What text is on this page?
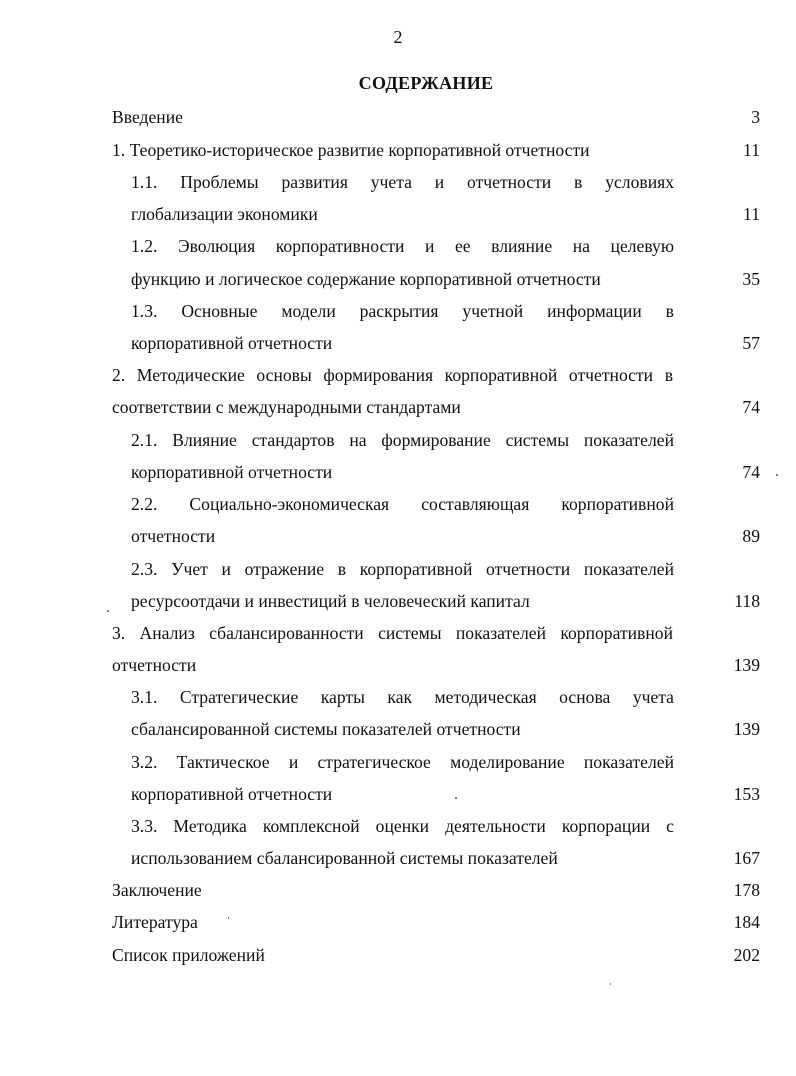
2
СОДЕРЖАНИЕ
Введение	3
1. Теоретико-историческое развитие корпоративной отчетности	11
1.1. Проблемы развития учета и отчетности в условиях
глобализации экономики	11
1.2. Эволюция корпоративности и ее влияние на целевую
функцию и логическое содержание корпоративной отчетности	35
1.3. Основные модели раскрытия учетной информации в
корпоративной отчетности	57
2. Методические основы формирования корпоративной отчетности в
соответствии с международными стандартами	74
2.1. Влияние стандартов на формирование системы показателей
корпоративной отчетности	74
2.2. Социально-экономическая составляющая корпоративной
отчетности	89
2.3. Учет и отражение в корпоративной отчетности показателей
ресурсоотдачи и инвестиций в человеческий капитал	118
3. Анализ сбалансированности системы показателей корпоративной
отчетности	139
3.1. Стратегические карты как методическая основа учета
сбалансированной системы показателей отчетности	139
3.2. Тактическое и стратегическое моделирование показателей
корпоративной отчетности	153
3.3. Методика комплексной оценки деятельности корпорации с
использованием сбалансированной системы показателей	167
Заключение	178
Литература	184
Список приложений	202
